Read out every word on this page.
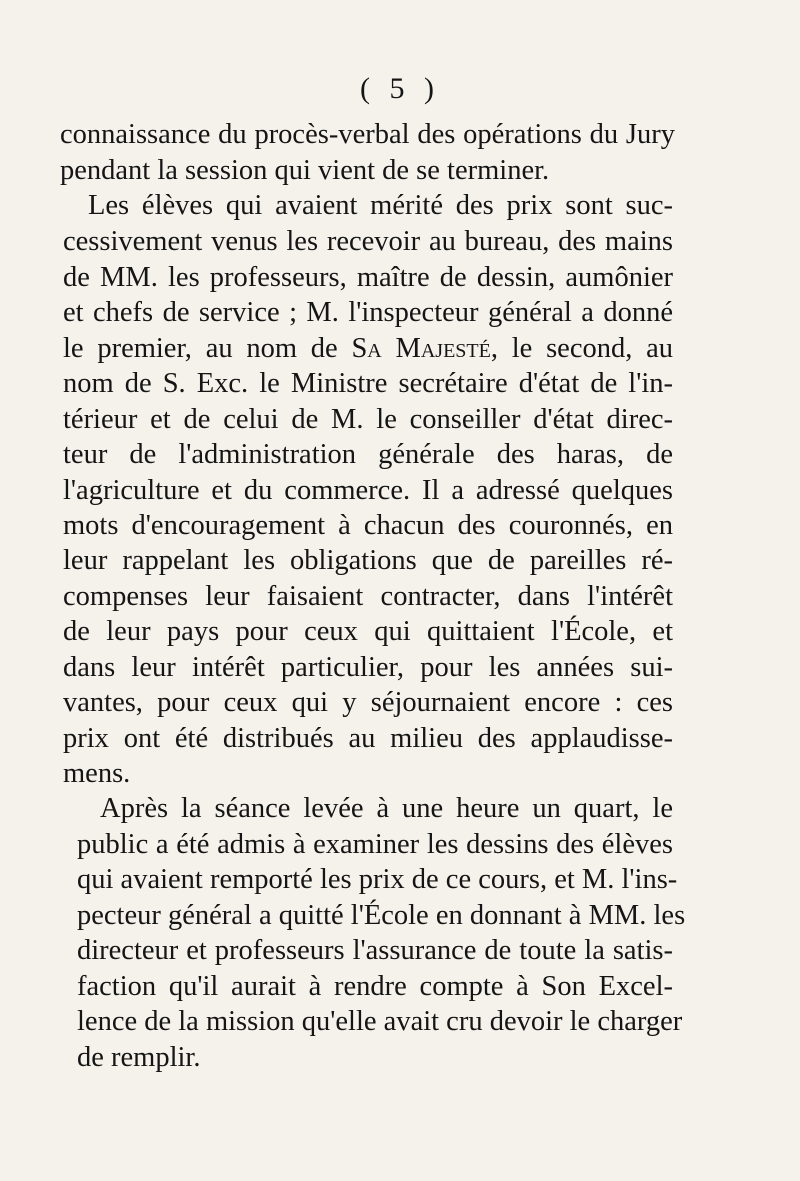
( 5 )
connaissance du procès-verbal des opérations du Jury
pendant la session qui vient de se terminer.
Les élèves qui avaient mérité des prix sont suc-
cessivement venus les recevoir au bureau, des mains
de MM. les professeurs, maître de dessin, aumônier
et chefs de service ; M. l'inspecteur général a donné
le premier, au nom de Sa Majesté, le second, au
nom de S. Exc. le Ministre secrétaire d'état de l'in-
térieur et de celui de M. le conseiller d'état direc-
teur de l'administration générale des haras, de
l'agriculture et du commerce. Il a adressé quelques
mots d'encouragement à chacun des couronnés, en
leur rappelant les obligations que de pareilles ré-
compenses leur faisaient contracter, dans l'intérêt
de leur pays pour ceux qui quittaient l'École, et
dans leur intérêt particulier, pour les années sui-
vantes, pour ceux qui y séjournaient encore : ces
prix ont été distribués au milieu des applaudisse-
mens.
Après la séance levée à une heure un quart, le
public a été admis à examiner les dessins des élèves
qui avaient remporté les prix de ce cours, et M. l'ins-
pecteur général a quitté l'École en donnant à MM. les
directeur et professeurs l'assurance de toute la satis-
faction qu'il aurait à rendre compte à Son Excel-
lence de la mission qu'elle avait cru devoir le charger
de remplir.
